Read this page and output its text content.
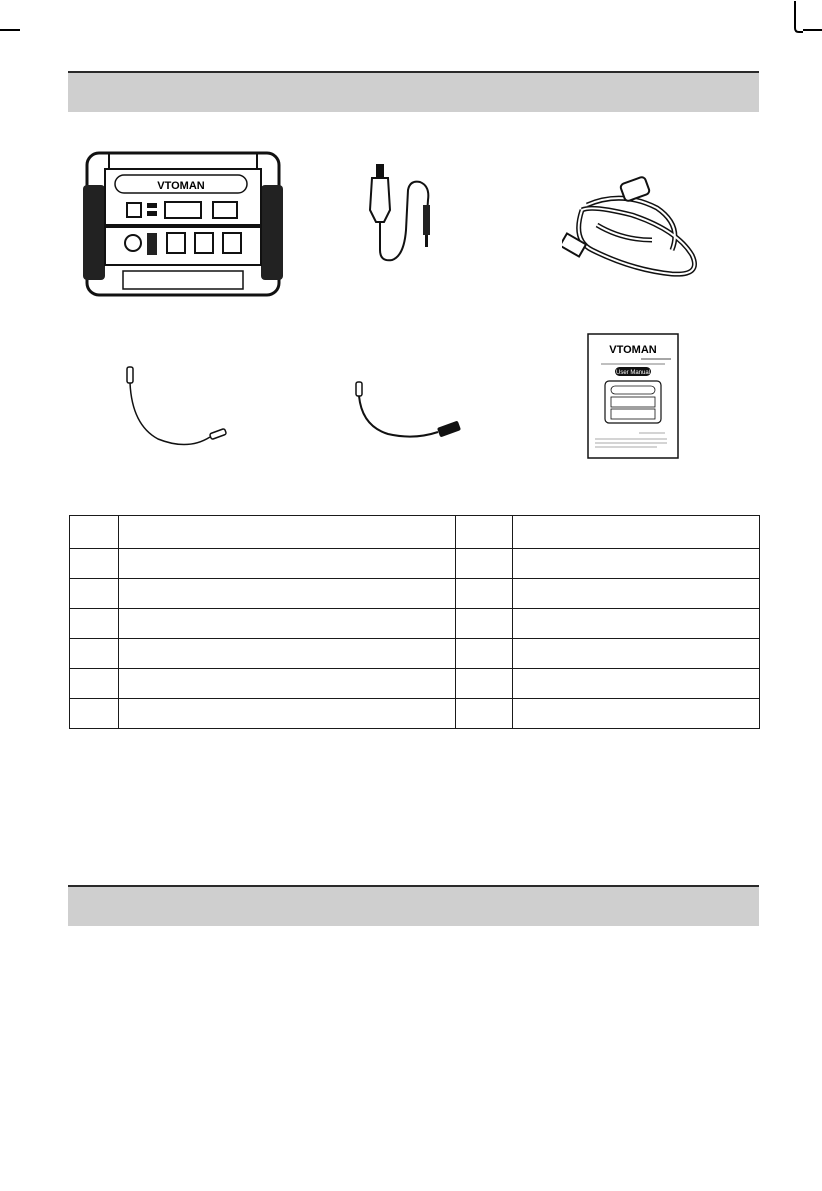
VTOMAN
VTOMAN
User Manual
